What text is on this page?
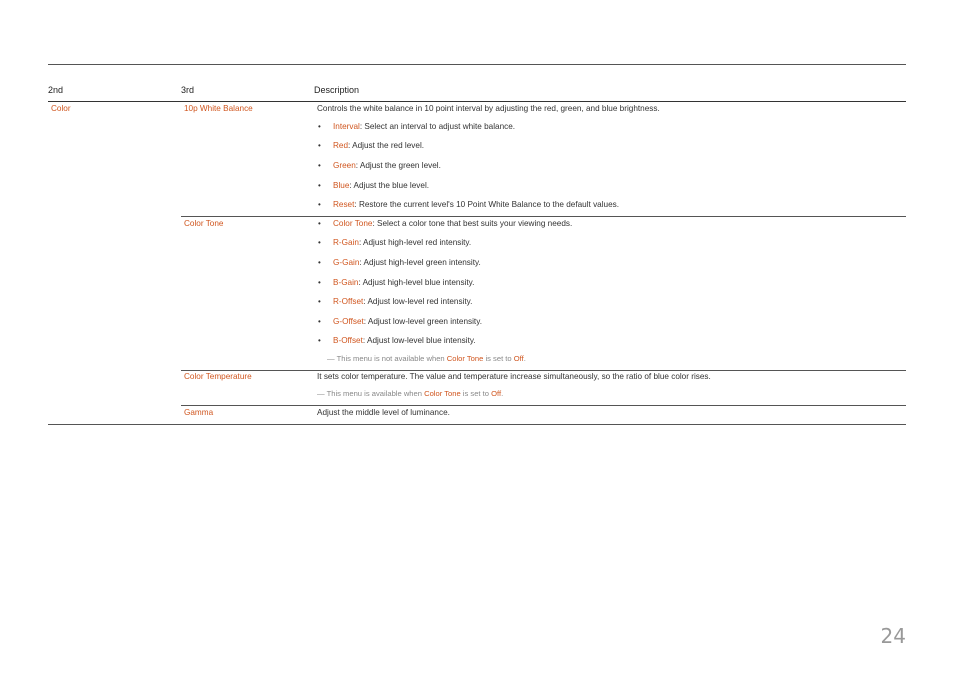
2nd	3rd	Description
Color	10p White Balance	Controls the white balance in 10 point interval by adjusting the red, green, and blue brightness.
• Interval: Select an interval to adjust white balance.
• Red: Adjust the red level.
• Green: Adjust the green level.
• Blue: Adjust the blue level.
• Reset: Restore the current level's 10 Point White Balance to the default values.
Color Tone	• Color Tone: Select a color tone that best suits your viewing needs.
• R-Gain: Adjust high-level red intensity.
• G-Gain: Adjust high-level green intensity.
• B-Gain: Adjust high-level blue intensity.
• R-Offset: Adjust low-level red intensity.
• G-Offset: Adjust low-level green intensity.
• B-Offset: Adjust low-level blue intensity.
― This menu is not available when Color Tone is set to Off.
Color Temperature	It sets color temperature. The value and temperature increase simultaneously, so the ratio of blue color rises.
― This menu is available when Color Tone is set to Off.
Gamma	Adjust the middle level of luminance.
24
